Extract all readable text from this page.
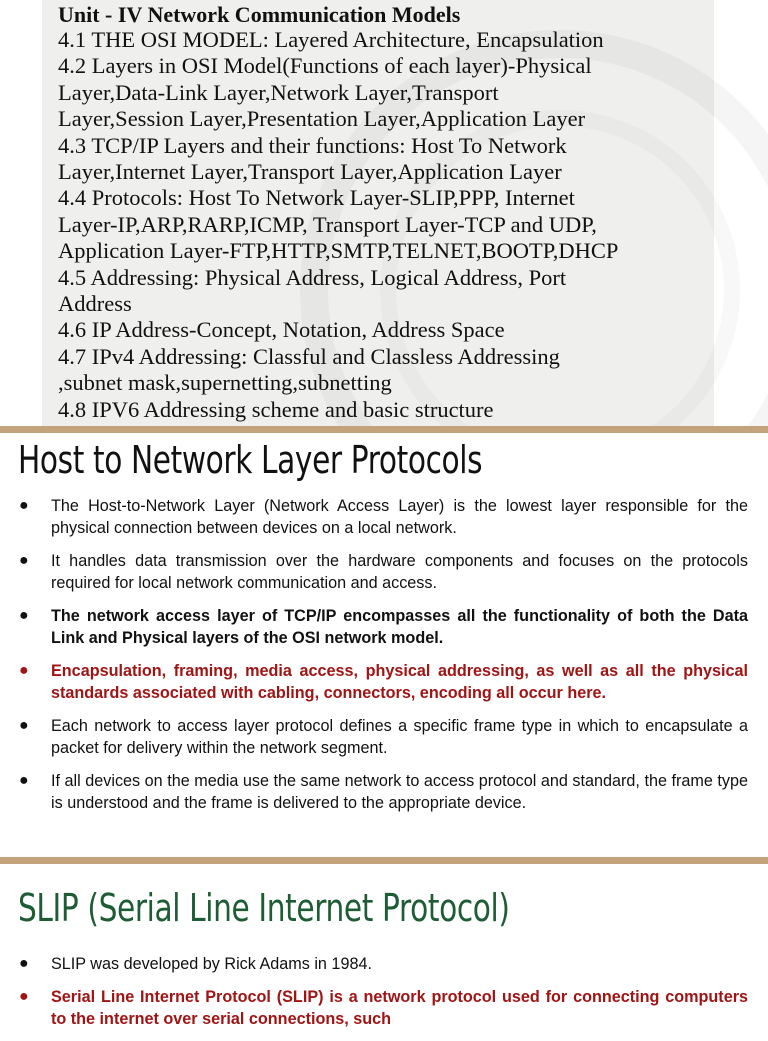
Unit - IV Network Communication Models

4.1 THE OSI MODEL: Layered Architecture, Encapsulation

4.2 Layers in OSI Model(Functions of each layer)-Physical

Layer,Data-Link Layer,Network Layer,Transport

Layer,Session Layer,Presentation Layer,Application Layer

4.3 TCP/IP Layers and their functions: Host To Network

Layer,Internet Layer,Transport Layer,Application Layer

4.4 Protocols: Host To Network Layer-SLIP,PPP, Internet

Layer-IP,ARP,RARP,ICMP, Transport Layer-TCP and UDP,

Application Layer-FTP,HTTP,SMTP,TELNET,BOOTP,DHCP

4.5 Addressing: Physical Address, Logical Address, Port

Address

4.6 IP Address-Concept, Notation, Address Space

4.7 IPv4 Addressing: Classful and Classless Addressing

,subnet mask,supernetting,subnetting

4.8 IPV6 Addressing scheme and basic structure

Host to Network Layer Protocols
● The Host-to-Network Layer (Network Access Layer) is the lowest layer responsible for the physical connection between devices on a local network.
● It handles data transmission over the hardware components and focuses on the protocols required for local network communication and access.
● The network access layer of TCP/IP encompasses all the functionality of both the Data Link and Physical layers of the OSI network model.
● Encapsulation, framing, media access, physical addressing, as well as all the physical standards associated with cabling, connectors, encoding all occur here.
● Each network to access layer protocol defines a specific frame type in which to encapsulate a packet for delivery within the network segment.
● If all devices on the media use the same network to access protocol and standard, the frame type is understood and the frame is delivered to the appropriate device.
SLIP (Serial Line Internet Protocol)
● SLIP was developed by Rick Adams in 1984.
● Serial Line Internet Protocol (SLIP) is a network protocol used for connecting computers to the internet over serial connections, such
